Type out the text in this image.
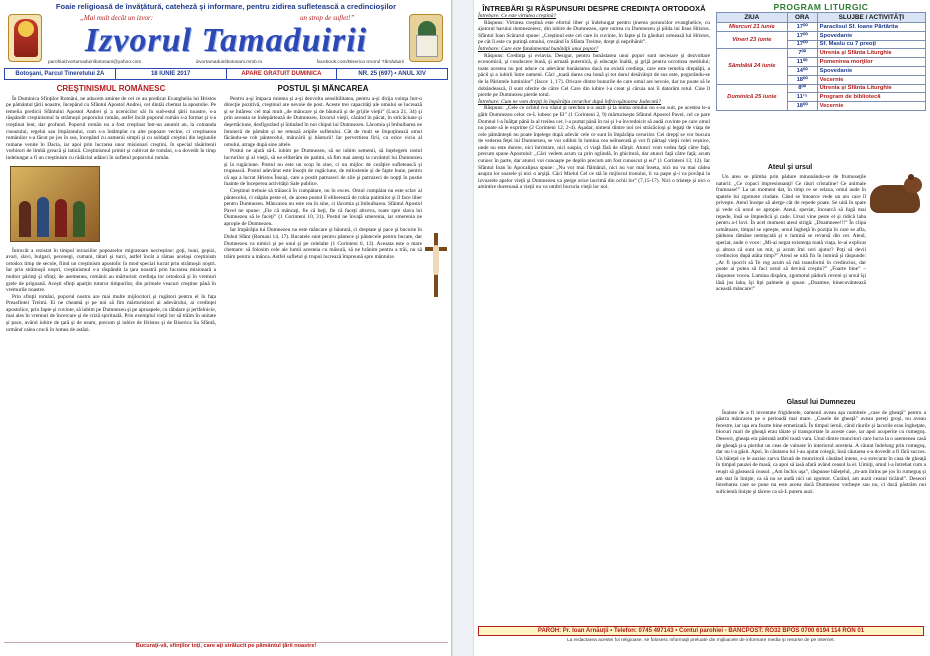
Foaie religioasă de învăţătură, cateheză şi informare, pentru zidirea sufletească a credincioşilor
„Mai mult decât un izvor:	un strop de suflet!”
Izvorul Tamaduirii
parohiaizvortamaduiriibotosani@yahoo.com	izvortamaduiriibotosani.mmb.ro	facebook.com/Biserica Izvorul Tămăduirii
Botoşani, Parcul Tineretului 2A	18 IUNIE 2017	APARE GRATUIT DUMINICA	NR. 25 (697) • ANUL XIV
CREŞTINISMUL ROMÂNESC

În Duminica Sfinţilor Români, ne aducem aminte de cei ce au predicat Evanghelia lui Hristos pe pământul ţării noastre, începând cu Sfântul Apostol Andrei, cel dintâi chemat la apostolie. Pe temelia predicii Sfântului Apostol Andrei şi a ucenicilor săi în sud-estul ţării noastre, s-a răspândit creştinismul la strămoşii poporului român, astfel încât poporul român s-a format şi s-a creştinat lent, dar profund. Poporul român nu a fost creştinat într-un anumit an, la comanda cneazului, regelui sau împăratului, cum s-a întâmplat cu alte popoare vecine, ci creştinarea românilor s-a făcut pe jos în sus, începând cu oamenii simpli şi cu soldaţii creştini din legiunile romane venite în Dacia, iar apoi prin lucrarea unor misionari creştini, în special răsăritenii vorbitori de limbă greacă şi latină. Creştinismul primit şi cultivat de români, s-a dovedit în timp indelungat a fi un creştinism cu rădăcini adânci în sufletul poporului român.

Întrucât a rezistat în timpul invaziilor popoarelor migratoare necreştine: goţi, huni, gepizi, avari, slavi, bulgari, pecenegi, cumani, tătari şi turci, astfel încât a rămas acelaşi creştinism ortodox timp de secole, fiind un creştinism apostolic în mod special lucrat prin strămoşii noştri. Iar prin strămoşii noştri, creştinismul s-a răspândit la ţara noastră prin lucrarea misionară a multor părinţi şi sfinţi; de asemenea, românii au mărturisit credinţa lor ortodoxă şi în vremuri grele de prigoană. Aceşti sfinţi aparţin tuturor timpurilor, din primele veacuri creştine până în vremurile noastre.

Prin sfinţii români, poporul nostru are mai multe mijlocitori şi rugători pentru el în faţa Preasfintei Treimi. Ei ne cheamă şi pe noi să fim mărturisitori ai adevărului, ai credinţei apostolice, prin fapte şi cuvinte, să iubim pe Dumnezeu şi pe aproapele, cu răbdare şi jertfelnicie, mai ales în vremuri de încercare şi de criză spirituală. Prin exemplul vieţii lor să trăim în unitate şi pace, având iubire de ţară şi de neam, precum şi iubire de Hristos şi de Biserica Sa Sfântă, urmând calea crucii în lumea de astăzi.

POSTUL ŞI MÂNCAREA

Pentru a-şi împaca mintea şi a-şi dezvolta sensibilitatea, pentru a-şi dirija voinţa într-o direcţie pozitivă, creştinul are nevoie de post. Aceste trei capacităţi ale omului se lucrează şi se întăresc cel mai mult „de mâncare şi de băutură şi de grijile vieţii” (Luca 21, 34) şi prin aceasta se îndepărtează de Dumnezeu, Izvorul vieţii, căzând în păcat, în stricăciune şi deşertăciune, desfigurând şi întinând în noi chipul lui Dumnezeu. Lăcomia şi îmbuibarea ne întunecă de pământ şi ne retează aripile sufletului. Cât de mult se împuţinează omul făcându-se rob pântecelui, mâncării şi băuturii! Iar pervertirea firii, ca orice viciu al omului, atrage după sine altele.

Postul ne ajută să-L iubim pe Dumnezeu, să ne iubim semenii, să înţelegem rostul lucrurilor şi al vieţii, să ne eliberăm de patimi, să fim mai atenţi la cuvântul lui Dumnezeu şi la rugăciune. Postul nu este un scop în sine, ci un mijloc de curăţire sufletească şi trupească. Postul adevărat este însoţit de rugăciune, de milostenie şi de fapte bune, pentru că aşa a lucrat Hristos Însuşi, care a postit patruzeci de zile şi patruzeci de nopţi în pustie înainte de începerea activităţii Sale publice.

Creştinul trebuie să trăiască în cumpătare, nu în exces. Omul cumpătat nu este sclav al pântecelui, ci stăpân peste el, de aceea postul îl eliberează de robia patimilor şi îl face liber pentru Dumnezeu. Mâncarea nu este rea în sine, ci lăcomia şi îmbuibarea. Sfântul Apostol Pavel ne spune: „Fie că mâncaţi, fie că beţi, fie că faceţi altceva, toate spre slava lui Dumnezeu să le faceţi” (1 Corinteni 10, 31). Postul ne învaţă smerenia, iar smerenia ne apropie de Dumnezeu.

Iar împărăţia lui Dumnezeu nu este mâncare şi băutură, ci dreptate şi pace şi bucurie în Duhul Sfânt (Romani 14, 17). Bucatele sunt pentru pântece şi pântecele pentru bucate, dar Dumnezeu va nimici şi pe unul şi pe celelalte (1 Corinteni 6, 13). Aceasta este o mare chemare: să folosim cele ale lumii acesteia cu măsură, să ne hrănim pentru a trăi, nu să trăim pentru a mânca. Astfel sufletul şi trupul lucrează împreună spre mântuire.

Bucuraţi-vă, sfinţilor toţi, care aţi strălucit pe pământul ţării noastre!
ÎNTREBĂRI ŞI RĂSPUNSURI DESPRE CREDINŢA ORTODOXĂ
Întrebare: Ce este virtutea creştină?

Răspuns: Virtutea creştină este efortul liber şi îndelungat pentru ţinerea poruncilor evanghelice, cu ajutorul harului dumnezeiesc, din iubire de Dumnezeu, spre unirea cu Dumnezeu şi pilda lui Iisus Hristos. Sfântul Ioan Scărarul spune: „Creştinul este cel care în cuvinte, în fapte şi în gânduri urmează lui Hristos, pe cât îi este cu putinţă omului, crezând în Sfânta Treime, drept şi neprihănit”.

Întrebare: Care este fundamentul bunătăţii unui popor?

Răspuns: Credinţa şi evlavia. Desigur, pentru bunăstarea unui popor sunt necesare şi dezvoltare economică, şi conducere bună, şi armată puternică, şi educaţie înaltă, şi grijă pentru ocrotirea mediului; toate acestea nu pot aduce cu adevărat bunăstarea dacă nu există credinţa, care este temelia dreptăţii, a păcii şi a iubirii între oameni. Căci „toată darea cea bună şi tot darul desăvârşit de sus este, pogorându-se de la Părintele luminilor” (Iacov 1, 17). Oricare dintre bunurile de care omul are nevoie, dar nu poate să le dobândească, îl sunt oferite de către Cel Care din iubire l-a creat şi căruia noi îi datorăm totul. Cine îl pierde pe Dumnezeu pierde totul.

Întrebare: Cum ne vom drepţi în împărăţia cerurilor după înfricoşătoarea Judecată?

Răspuns: „Cele ce ochiul n-a văzut şi urechea n-a auzit şi la inima omului nu s-au suit, pe acestea le-a gătit Dumnezeu celor ce-L iubesc pe El” (1 Corinteni 2, 9) mărturiseşte Sfântul Apostol Pavel, cel ce pare Domnul l-a înălţat până la al treilea cer, l-a purtat până în rai şi l-a învrednicit să audă cuvinte pe care omul nu poate să le exprime (2 Corinteni 12, 2-4). Aşadar, nimeni dintre noi cei străcăcioşi şi legaţi de viaţa de cele pământeşti nu poate înţelege după adevăr cele ce sunt în împărăţia cerurilor. Cei drepţi se vor bucura de vederea feţei lui Dumnezeu, se vor odihni în lumina cea neînserată şi vor fi părtaşi vieţii celei veşnice, unde nu este durere, nici întristare, nici suspin, ci viaţă fără de sfârşit. Atunci vom vedea faţă către faţă, precum spune Apostolul: „Căci vedem acum ca prin oglindă, în ghicitură, dar atunci faţă către faţă; acum cunosc în parte, dar atunci voi cunoaşte pe deplin precum am fost cunoscut şi eu” (1 Corinteni 13, 12). Iar Sfântul Ioan în Apocalipsa spune: „Nu vor mai flămânzi, nici nu vor mai înseta, nici nu va mai cădea asupra lor soarele şi nici o arşiţă. Căci Mielul Cel ce stă în mijlocul tronului, îi va paşte şi-i va povăţui la izvoarele apelor vieţii şi Dumnezeu va şterge orice lacrimă din ochii lor” (7,15-17). Nici o tristeţe şi nici o amintire dureroasă a vieţii nu va umbri bucuria vieţii lor noi.

PROGRAM LITURGIC
ZIUA	ORA	SLUJBE / ACTIVITĂŢI
Miercuri 21 iunie	17⁰⁰	Paraclisul Sf. Ioane Părtărita
Vineri 23 iunie	17⁰⁰	Spovedanie
	17⁰⁰	Sf. Maslu cu 7 preoţi
Sâmbătă 24 iunie	7⁰⁰	Utrenia şi Sfânta Liturghie
	11⁰⁰	Pomenirea morţilor
	14⁰⁰	Spovedanie
	18⁰⁰	Vecernie
Duminică 25 iunie	8⁰⁰	Utrenia şi Sfânta Liturghie
	11¹⁵	Program de bibliotecă
	18⁰⁰	Vecernie
Ateul şi ursul

Un ateu se plimba prin pădure minunându-se de frumuseţile naturii: „Ce copaci impresionanţi! Ce râuri cristaline! Ce animale frumoase!” La un moment dat, în timp ce se relaxa, omul aude în spatele lui zgomote ciudate. Când se întoarce vede un urs care îl priveşte. Ateul începe să alerge cât de repede poate. Se uită în spate şi vede că ursul se apropie. Ateul, speriat, încearcă să fugă mai repede, însă se împiedică şi cade. Ursul vine peste el şi ridică laba pentru a-l lovi. În acel moment ateul strigă: „Doamneee!!!” În clipa următoare, timpul se opreşte, ursul îngheţă în poziţia în care se afla, pădurea rămâne nemişcată şi o lumină se revarsă din cer. Ateul, speriat, aude o voce: „Mi-ai negat existenţa toată viaţa, le-ai explicat şi altora că sunt un mit, şi acum îmi ceri ajutor? Poţi să devii credincios după atâta timp?” Ateul se uită fix în lumină şi răspunde: „Ar fi ipocrit să Te rog acum să mă transformi în credincios, dar poate ai putea să faci ursul să devină creştin?” „Foarte bine” – răspunse vocea. Lumina dispăru, zgomotul pădurii reveni şi ursul îşi lăsă jos laba, îşi lipi palmele şi spuse: „Doamne, binecuvântează această mâncare!”

Glasul lui Dumnezeu

Înainte de a fi inventate frigiderele, oamenii aveau aşa numitele „case de gheaţă” pentru a păstra mâncarea pe o perioadă mai mare. „Casele de gheaţă” aveau pereţi groşi, nu aveau ferestre, iar uşa era foarte bine ermetizată. În timpul iernii, când râurile şi lacurile erau îngheţate, blocuri mari de gheaţă erau tăiate şi transportate în aceste case, iar apoi acoperite cu rumeguş. Deseori, gheaţa era păstrată astfel toată vara. Unul dintre muncitori care lucra la o asemenea casă de gheaţă şi-a pierdut un ceas de valoare în interiorul acesteia. A căutat îndelung prin rumeguş, dar nu l-a găsit. Apoi, în căutarea lui l-au ajutat colegii, însă căutarea s-a dovedit a fi fără succes. Un băieţel ce le auzise zarva făcută de muncitorii căutând intens, s-a strecurat în casa de gheaţă în timpul pauzei de masă, ca apoi să iasă afară având ceasul la el. Uimiţi, omul l-a întrebat cum a reuşit să găsească ceasul. „Am închis uşa”, răspunse băieţelul, „m-am întins pe jos în rumeguş şi am stat în linişte, ca să nu se audă nici un zgomot. Curând, am auzit ceasul ticăind”. Deseori întrebarea care se pune nu este aceea dacă Dumnezeu vorbeşte sau nu, ci dacă păstrăm noi suficientă linişte şi tăcere ca să-L putem auzi.

PAROH: Pr. Ioan Arnăuţii • Telefon: 0745 497143 • Contul parohiei - BANCPOST: RO32 BPOS 0700 6194 114 RON 01
La redactarea acestei foi religioase, se folosesc informaţii preluate din mijloacele de informare media şi resurse de pe internet.
